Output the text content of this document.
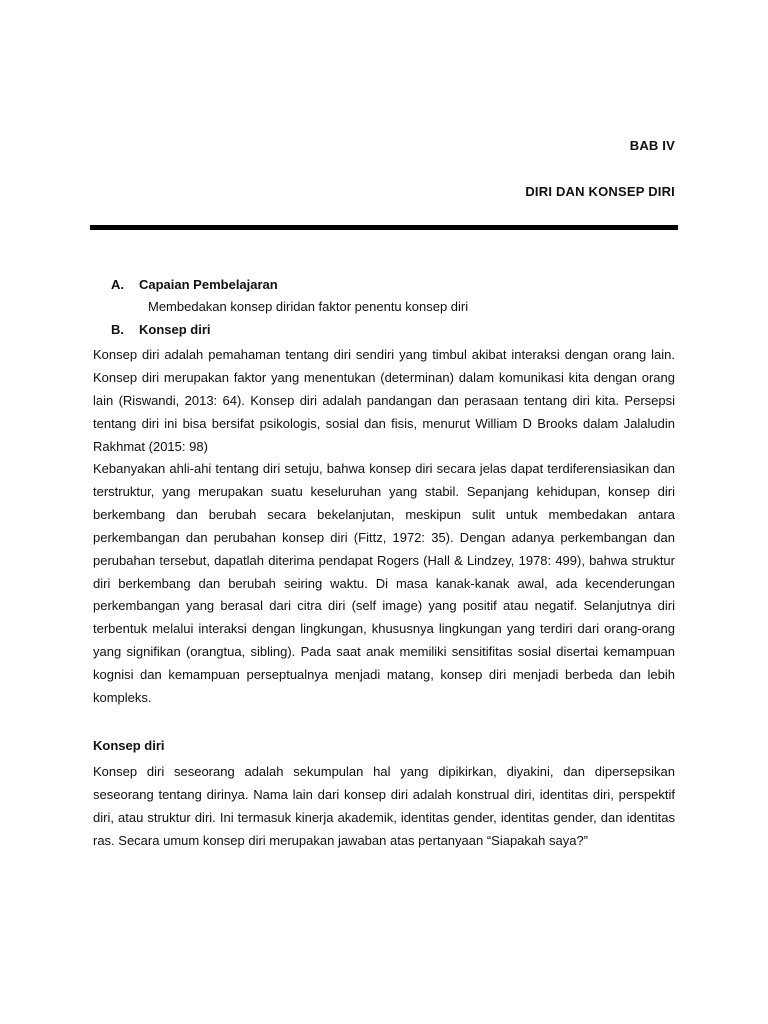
BAB IV
DIRI DAN KONSEP DIRI
A. Capaian Pembelajaran
Membedakan konsep diridan faktor penentu konsep diri
B. Konsep diri

Konsep diri adalah pemahaman tentang diri sendiri yang timbul akibat interaksi dengan orang lain. Konsep diri merupakan faktor yang menentukan (determinan) dalam komunikasi kita dengan orang lain (Riswandi, 2013: 64). Konsep diri adalah pandangan dan perasaan tentang diri kita. Persepsi tentang diri ini bisa bersifat psikologis, sosial dan fisis, menurut William D Brooks dalam Jalaludin Rakhmat (2015: 98)

Kebanyakan ahli-ahi tentang diri setuju, bahwa konsep diri secara jelas dapat terdiferensiasikan dan terstruktur, yang merupakan suatu keseluruhan yang stabil. Sepanjang kehidupan, konsep diri berkembang dan berubah secara bekelanjutan, meskipun sulit untuk membedakan antara perkembangan dan perubahan konsep diri (Fittz, 1972: 35). Dengan adanya perkembangan dan perubahan tersebut, dapatlah diterima pendapat Rogers (Hall & Lindzey, 1978: 499), bahwa struktur diri berkembang dan berubah seiring waktu. Di masa kanak-kanak awal, ada kecenderungan perkembangan yang berasal dari citra diri (self image) yang positif atau negatif. Selanjutnya diri terbentuk melalui interaksi dengan lingkungan, khususnya lingkungan yang terdiri dari orang-orang yang signifikan (orangtua, sibling). Pada saat anak memiliki sensitifitas sosial disertai kemampuan kognisi dan kemampuan perseptualnya menjadi matang, konsep diri menjadi berbeda dan lebih kompleks.

Konsep diri

Konsep diri seseorang adalah sekumpulan hal yang dipikirkan, diyakini, dan dipersepsikan seseorang tentang dirinya. Nama lain dari konsep diri adalah konstrual diri, identitas diri, perspektif diri, atau struktur diri. Ini termasuk kinerja akademik, identitas gender, identitas gender, dan identitas ras. Secara umum konsep diri merupakan jawaban atas pertanyaan “Siapakah saya?”
